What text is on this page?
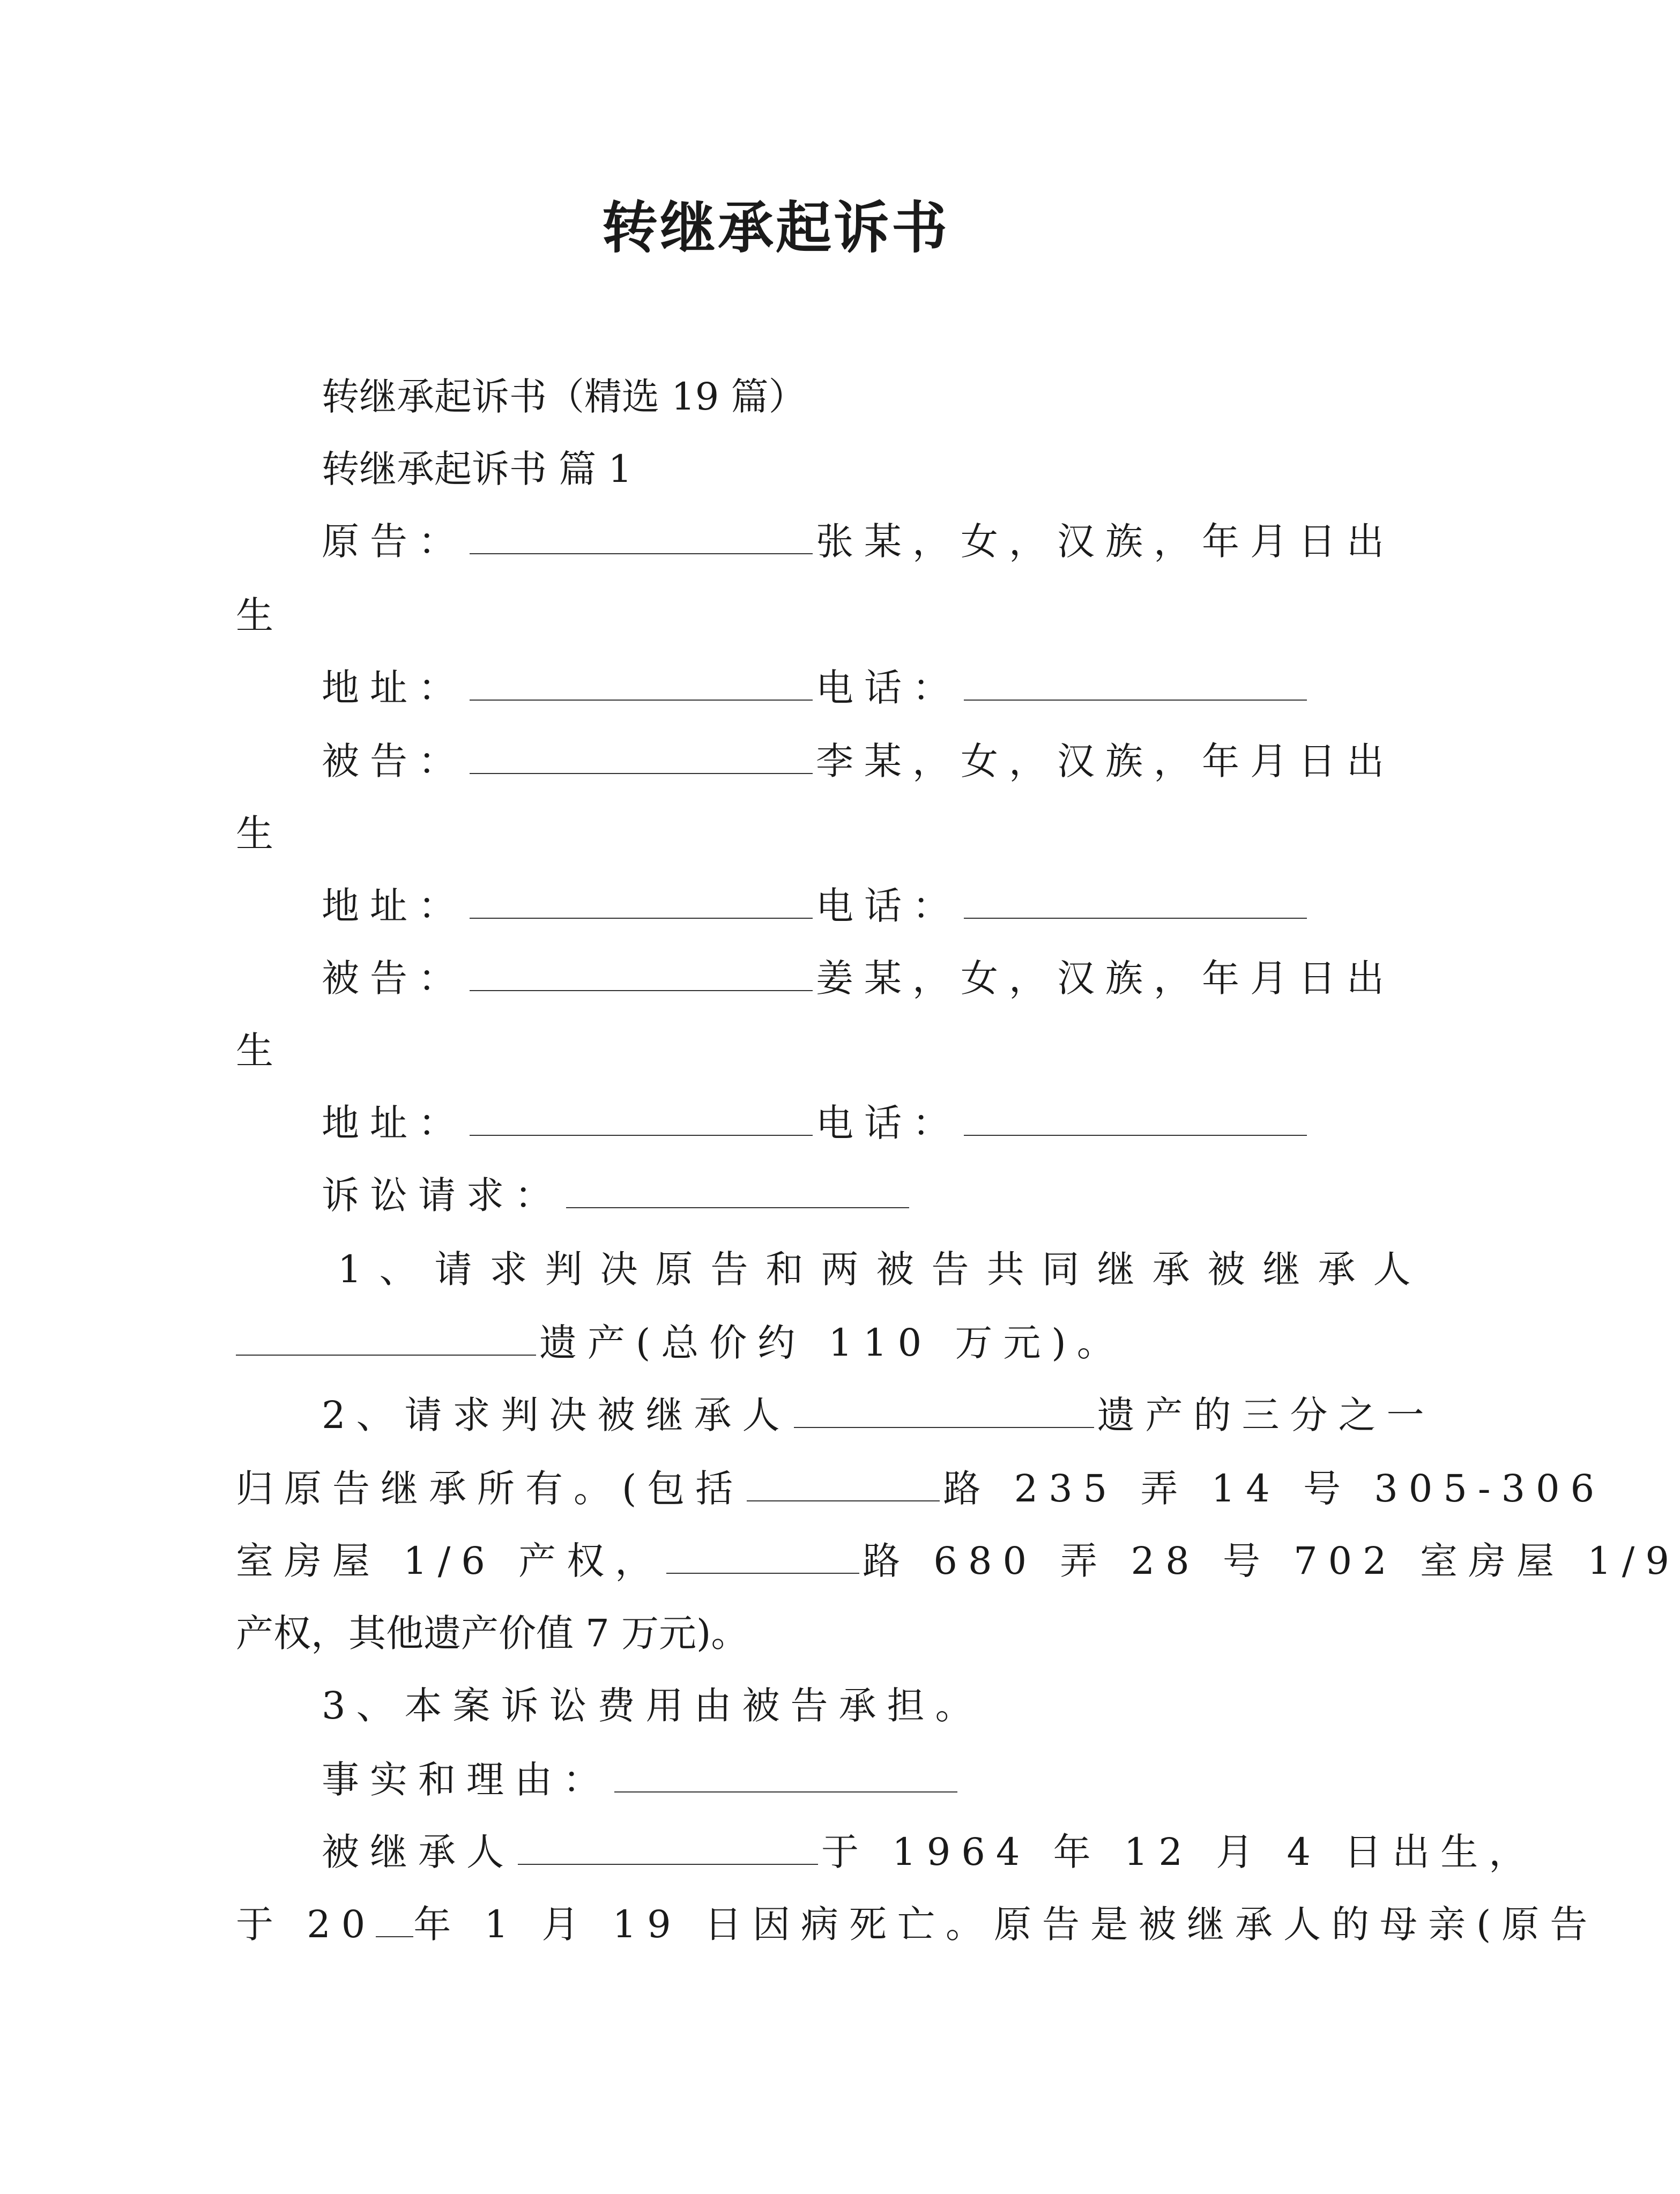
转继承起诉书
转继承起诉书（精选 19 篇）
转继承起诉书 篇 1
原告：	张某，女，汉族，年月日出
生
地址：	电话：
被告：	李某，女，汉族，年月日出
生
地址：	电话：
被告：	姜某，女，汉族，年月日出
生
地址：	电话：
诉讼请求：
1、请求判决原告和两被告共同继承被继承人
遗产(总价约 110 万元)。
2、请求判决被继承人	遗产的三分之一
归原告继承所有。(包括	路 235 弄 14 号 305-306
室房屋 1/6 产权，	路 680 弄 28 号 702 室房屋 1/9
产权，其他遗产价值 7 万元)。
3、本案诉讼费用由被告承担。
事实和理由：
被继承人	于 1964 年 12 月 4 日出生，
于 20 年 1 月 19 日因病死亡。原告是被继承人的母亲(原告
